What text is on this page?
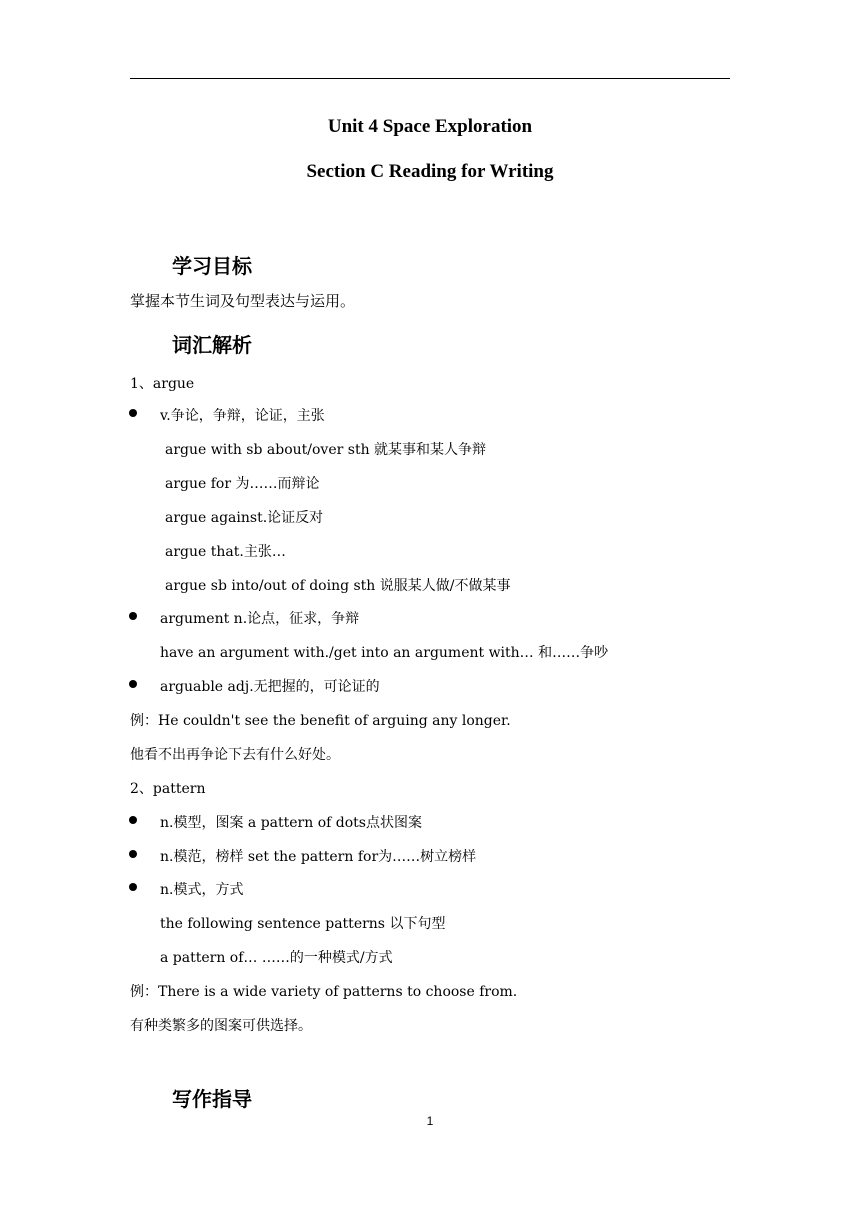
Unit 4 Space Exploration
Section C Reading for Writing
学习目标
掌握本节生词及句型表达与运用。
词汇解析
1、argue
v.争论，争辩，论证，主张
argue with sb about/over sth 就某事和某人争辩
argue for 为……而辩论
argue against.论证反对
argue that.主张…
argue sb into/out of doing sth 说服某人做/不做某事
argument n.论点，征求，争辩
have an argument with./get into an argument with… 和……争吵
arguable adj.无把握的，可论证的
例：He couldn't see the benefit of arguing any longer.
他看不出再争论下去有什么好处。
2、pattern
n.模型，图案 a pattern of dots点状图案
n.模范，榜样 set the pattern for为……树立榜样
n.模式，方式
the following sentence patterns 以下句型
a pattern of… ……的一种模式/方式
例：There is a wide variety of patterns to choose from.
有种类繁多的图案可供选择。
写作指导
1
